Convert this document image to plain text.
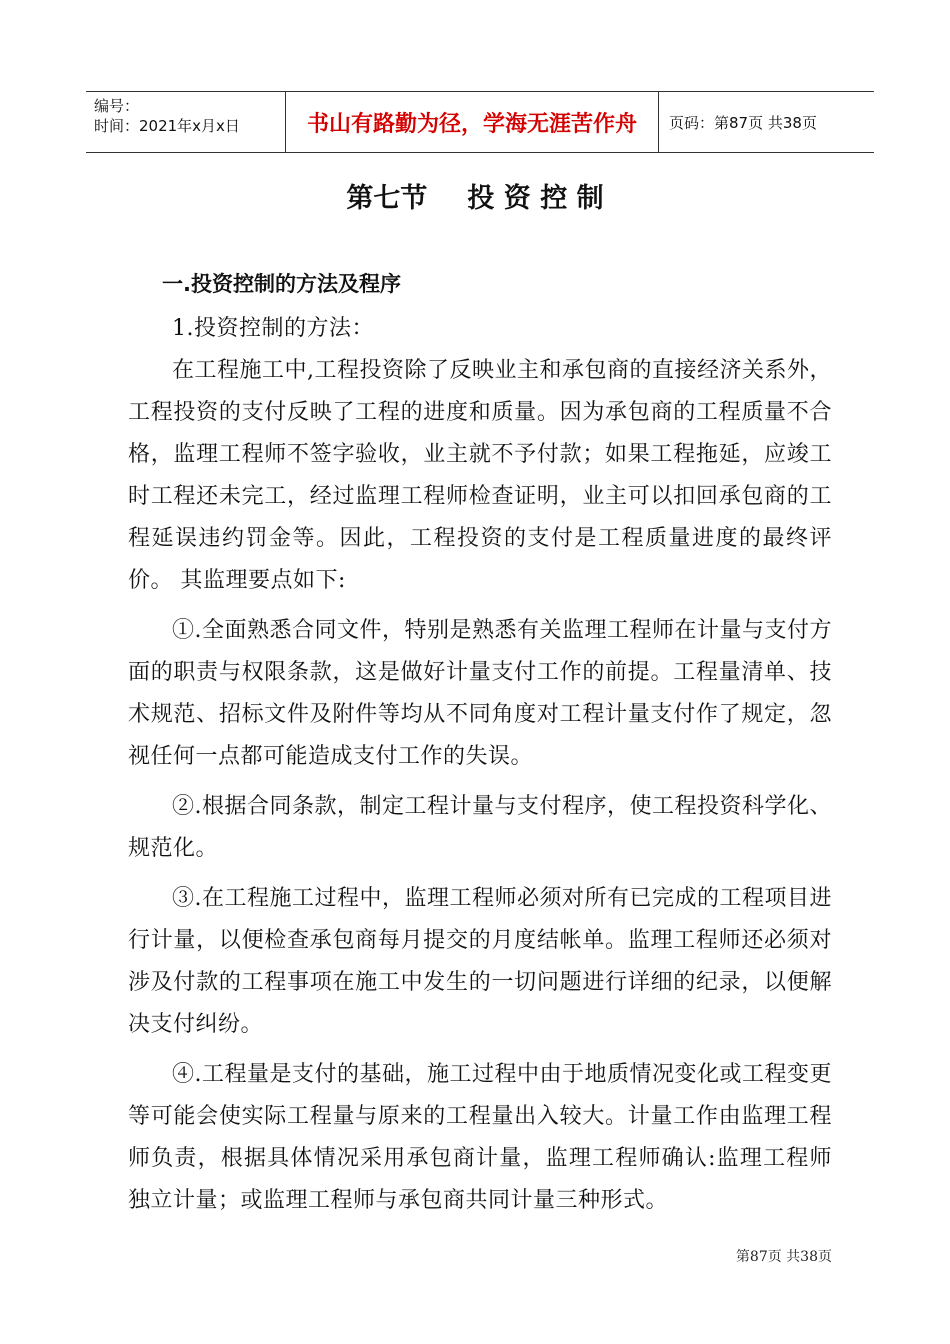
编号：
时间：2021年x月x日	书山有路勤为径，学海无涯苦作舟	页码：第87页 共38页
第七节 投 资 控 制
一.投资控制的方法及程序

1.投资控制的方法：

在工程施工中,工程投资除了反映业主和承包商的直接经济关系外，工程投资的支付反映了工程的进度和质量。因为承包商的工程质量不合格，监理工程师不签字验收，业主就不予付款；如果工程拖延，应竣工时工程还未完工，经过监理工程师检查证明，业主可以扣回承包商的工程延误违约罚金等。因此，工程投资的支付是工程质量进度的最终评价。 其监理要点如下:

①.全面熟悉合同文件，特别是熟悉有关监理工程师在计量与支付方面的职责与权限条款，这是做好计量支付工作的前提。工程量清单、技术规范、招标文件及附件等均从不同角度对工程计量支付作了规定，忽视任何一点都可能造成支付工作的失误。

②.根据合同条款，制定工程计量与支付程序，使工程投资科学化、规范化。

③.在工程施工过程中，监理工程师必须对所有已完成的工程项目进行计量，以便检查承包商每月提交的月度结帐单。监理工程师还必须对涉及付款的工程事项在施工中发生的一切问题进行详细的纪录，以便解决支付纠纷。

④.工程量是支付的基础，施工过程中由于地质情况变化或工程变更等可能会使实际工程量与原来的工程量出入较大。计量工作由监理工程师负责，根据具体情况采用承包商计量，监理工程师确认:监理工程师独立计量；或监理工程师与承包商共同计量三种形式。

第87页 共38页
